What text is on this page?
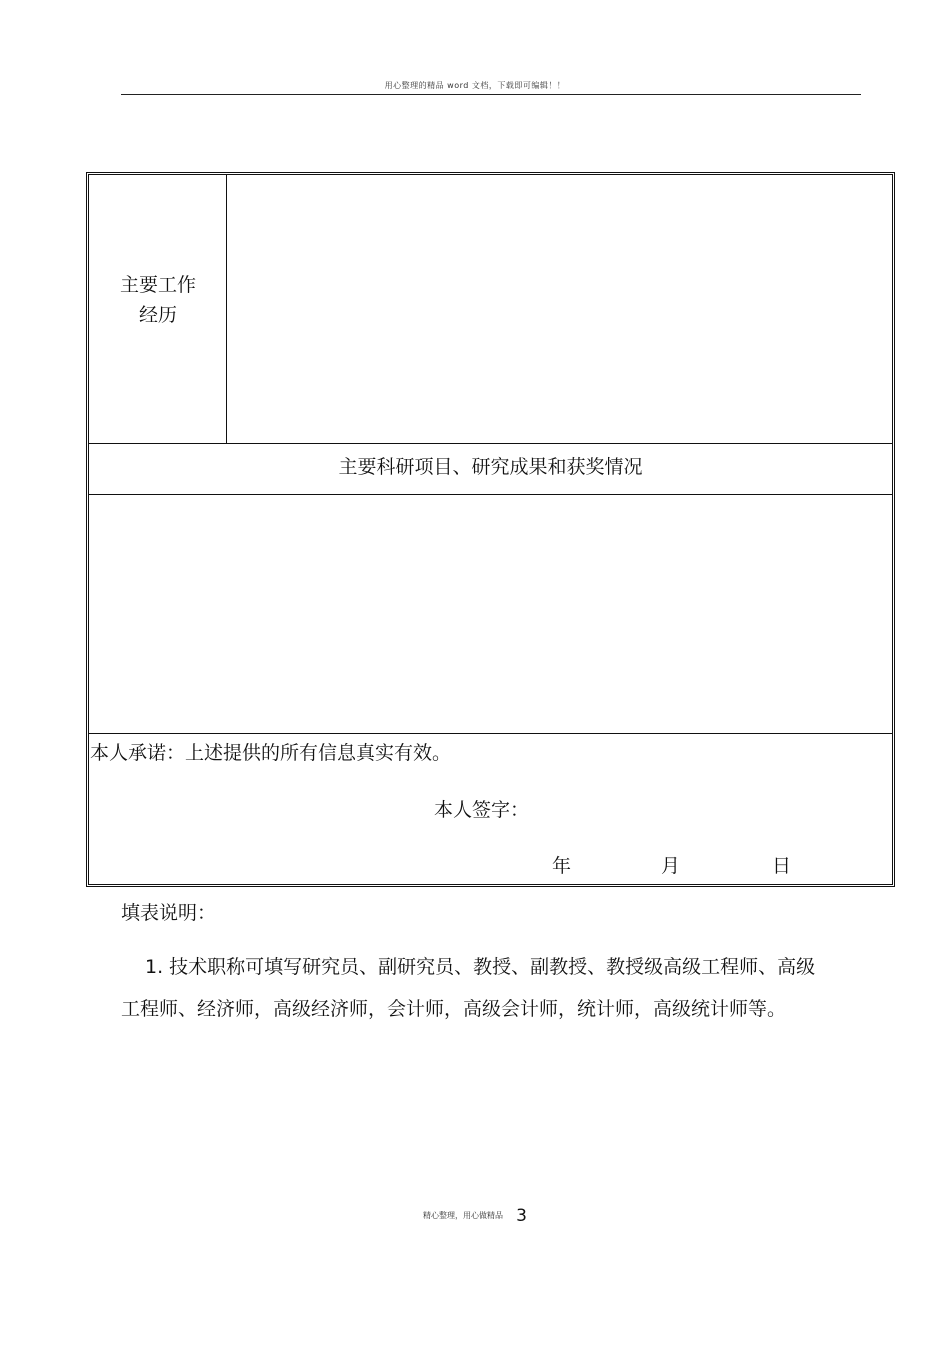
用心整理的精品 word 文档，下载即可编辑！！
主要工作
经历
主要科研项目、研究成果和获奖情况
本人承诺：上述提供的所有信息真实有效。
本人签字：
年	月	日
填表说明：
1. 技术职称可填写研究员、副研究员、教授、副教授、教授级高级工程师、高级工程师、经济师，高级经济师，会计师，高级会计师，统计师，高级统计师等。
精心整理，用心做精品 3
